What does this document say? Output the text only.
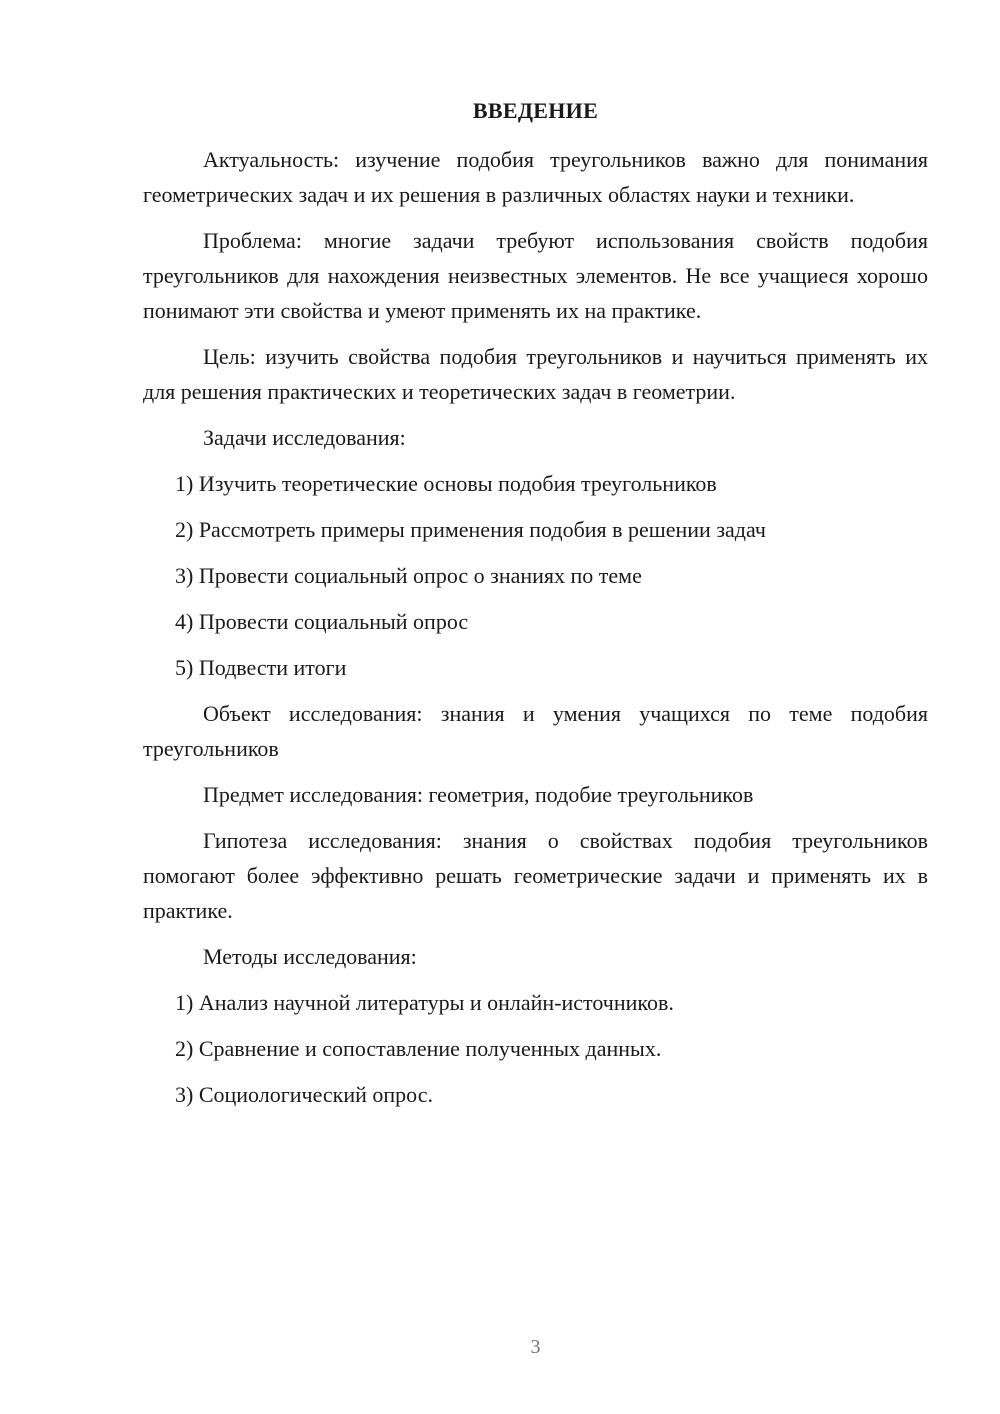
ВВЕДЕНИЕ

Актуальность: изучение подобия треугольников важно для понимания геометрических задач и их решения в различных областях науки и техники.

Проблема: многие задачи требуют использования свойств подобия треугольников для нахождения неизвестных элементов. Не все учащиеся хорошо понимают эти свойства и умеют применять их на практике.

Цель: изучить свойства подобия треугольников и научиться применять их для решения практических и теоретических задач в геометрии.

Задачи исследования:

1) Изучить теоретические основы подобия треугольников
2) Рассмотреть примеры применения подобия в решении задач
3) Провести социальный опрос о знаниях по теме
4) Провести социальный опрос
5) Подвести итоги

Объект исследования: знания и умения учащихся по теме подобия треугольников

Предмет исследования: геометрия, подобие треугольников

Гипотеза исследования: знания о свойствах подобия треугольников помогают более эффективно решать геометрические задачи и применять их в практике.

Методы исследования:

1) Анализ научной литературы и онлайн-источников.
2) Сравнение и сопоставление полученных данных.
3) Социологический опрос.
3
